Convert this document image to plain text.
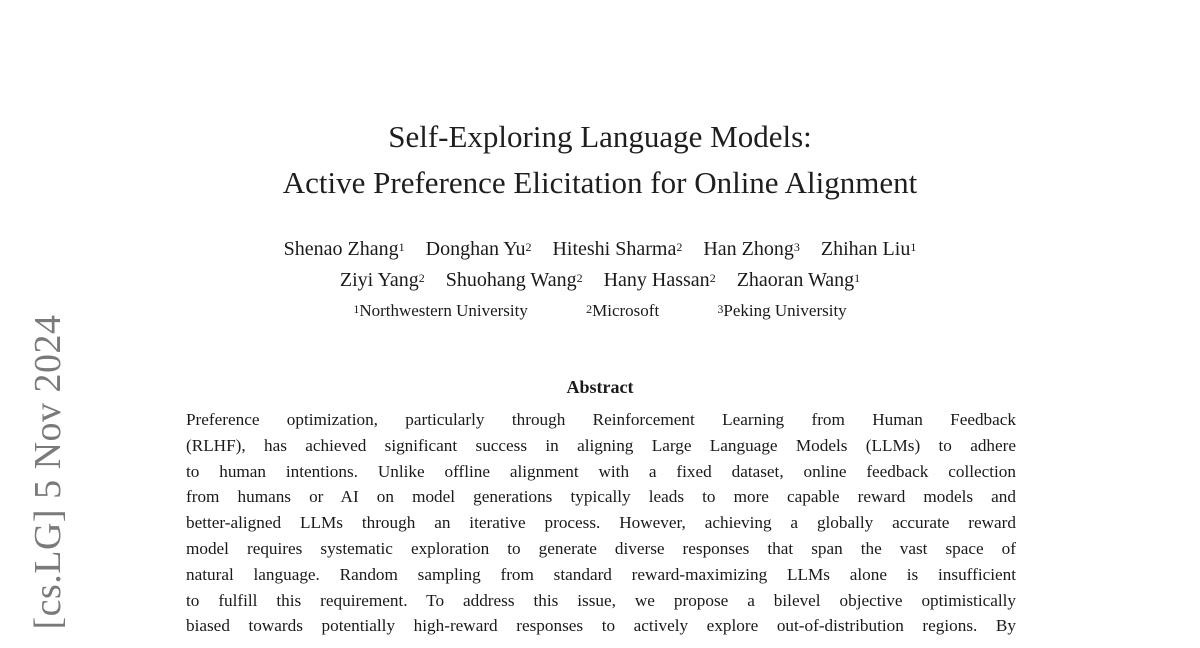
[cs.LG] 5 Nov 2024
Self-Exploring Language Models:
Active Preference Elicitation for Online Alignment
Shenao Zhang$^1$ Donghan Yu$^2$ Hiteshi Sharma$^2$ Han Zhong$^3$ Zhihan Liu$^1$
Ziyi Yang$^2$ Shuohang Wang$^2$ Hany Hassan$^2$ Zhaoran Wang$^1$
$^1$Northwestern University	$^2$Microsoft	$^3$Peking University
Abstract
Preference optimization, particularly through Reinforcement Learning from Human Feedback
(RLHF), has achieved significant success in aligning Large Language Models (LLMs) to adhere
to human intentions. Unlike offline alignment with a fixed dataset, online feedback collection
from humans or AI on model generations typically leads to more capable reward models and
better-aligned LLMs through an iterative process. However, achieving a globally accurate reward
model requires systematic exploration to generate diverse responses that span the vast space of
natural language. Random sampling from standard reward-maximizing LLMs alone is insufficient
to fulfill this requirement. To address this issue, we propose a bilevel objective optimistically
biased towards potentially high-reward responses to actively explore out-of-distribution regions. By
